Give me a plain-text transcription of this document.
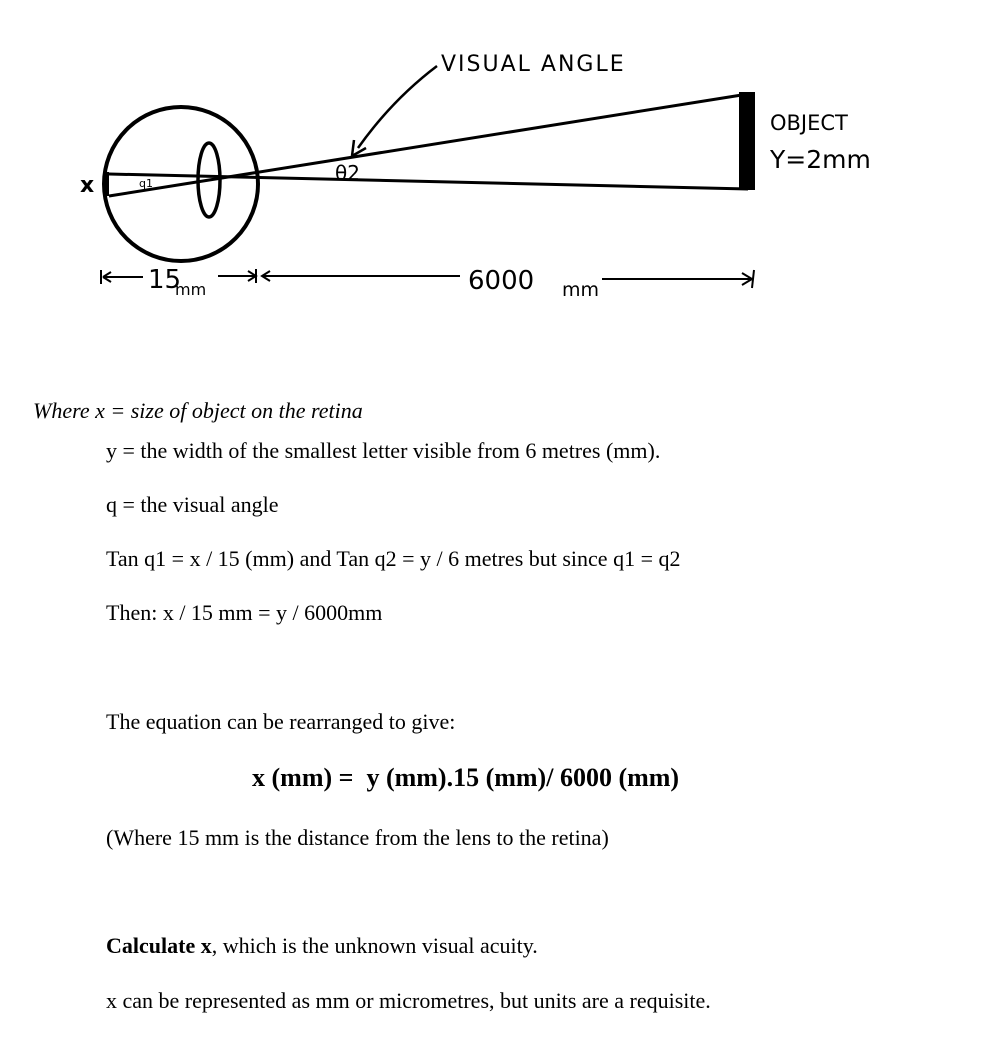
x	q1
VISUAL ANGLE
θ2
OBJECT
Y=2mm
15
mm	6000 mm
Where x = size of object on the retina
y = the width of the smallest letter visible from 6 metres (mm).
q = the visual angle
Tan q1 = x / 15 (mm) and Tan q2 = y / 6 metres but since q1 = q2
Then: x / 15 mm = y / 6000mm
The equation can be rearranged to give:
x (mm) =  y (mm).15 (mm)/ 6000 (mm)
(Where 15 mm is the distance from the lens to the retina)
Calculate x, which is the unknown visual acuity.
x can be represented as mm or micrometres, but units are a requisite.
